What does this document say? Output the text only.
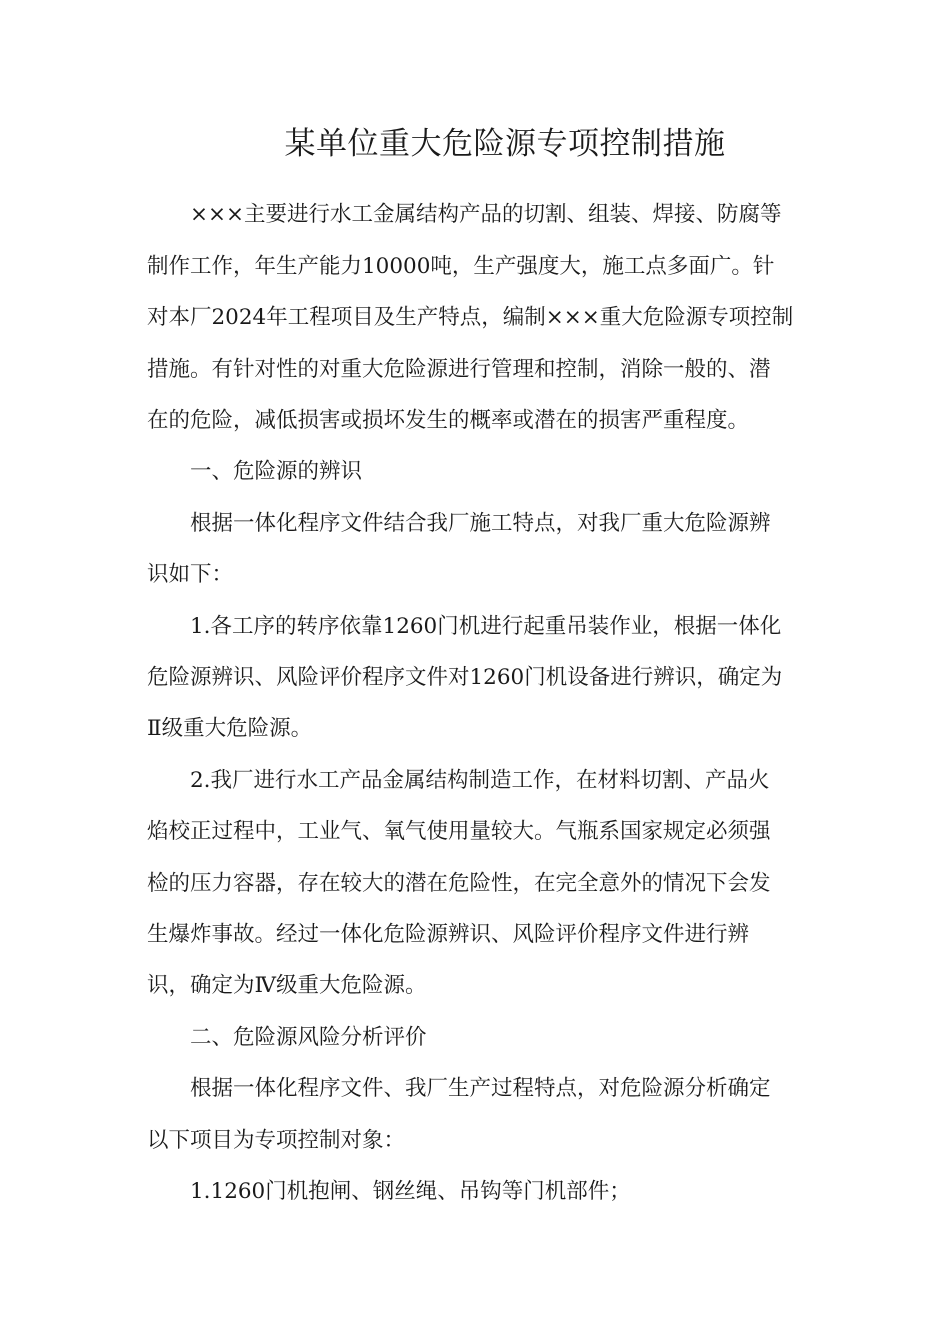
某单位重大危险源专项控制措施
×××主要进行水工金属结构产品的切割、组装、焊接、防腐等
制作工作，年生产能力10000吨，生产强度大，施工点多面广。针
对本厂2024年工程项目及生产特点，编制×××重大危险源专项控制
措施。有针对性的对重大危险源进行管理和控制，消除一般的、潜
在的危险，减低损害或损坏发生的概率或潜在的损害严重程度。
一、危险源的辨识
根据一体化程序文件结合我厂施工特点，对我厂重大危险源辨
识如下：
1.各工序的转序依靠1260门机进行起重吊装作业，根据一体化
危险源辨识、风险评价程序文件对1260门机设备进行辨识，确定为
Ⅱ级重大危险源。
2.我厂进行水工产品金属结构制造工作，在材料切割、产品火
焰校正过程中，工业气、氧气使用量较大。气瓶系国家规定必须强
检的压力容器，存在较大的潜在危险性，在完全意外的情况下会发
生爆炸事故。经过一体化危险源辨识、风险评价程序文件进行辨
识，确定为Ⅳ级重大危险源。
二、危险源风险分析评价
根据一体化程序文件、我厂生产过程特点，对危险源分析确定
以下项目为专项控制对象：
1.1260门机抱闸、钢丝绳、吊钩等门机部件；
